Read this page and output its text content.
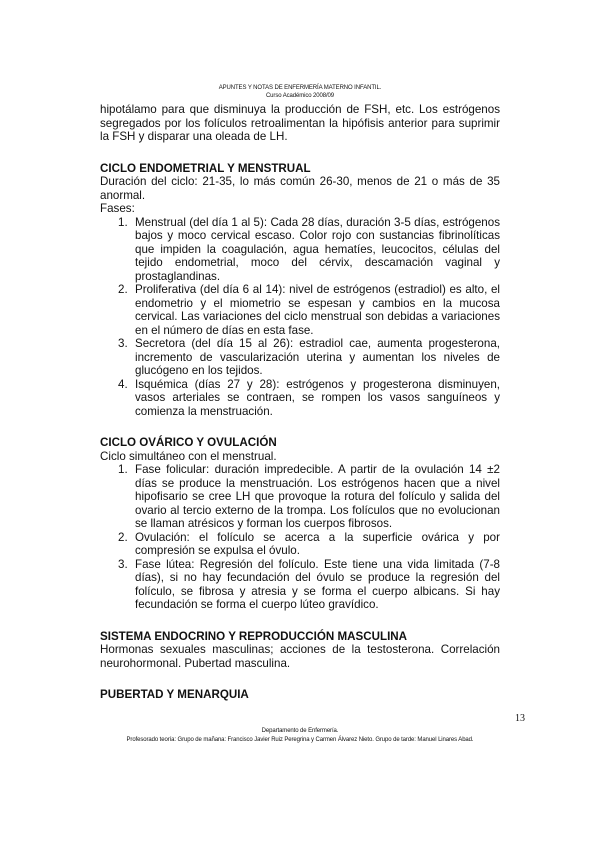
APUNTES Y NOTAS DE ENFERMERÍA MATERNO INFANTIL.
Curso Académico 2008/09

hipotálamo para que disminuya la producción de FSH, etc. Los estrógenos segregados por los folículos retroalimentan la hipófisis anterior para suprimir la FSH y disparar una oleada de LH.

CICLO ENDOMETRIAL Y MENSTRUAL

Duración del ciclo: 21-35, lo más común 26-30, menos de 21 o más de 35 anormal.

Fases:

1. Menstrual (del día 1 al 5): Cada 28 días, duración 3-5 días, estrógenos bajos y moco cervical escaso. Color rojo con sustancias fibrinolíticas que impiden la coagulación, agua hematíes, leucocitos, células del tejido endometrial, moco del cérvix, descamación vaginal y prostaglandinas.
2. Proliferativa (del día 6 al 14): nivel de estrógenos (estradiol) es alto, el endometrio y el miometrio se espesan y cambios en la mucosa cervical. Las variaciones del ciclo menstrual son debidas a variaciones en el número de días en esta fase.
3. Secretora (del día 15 al 26): estradiol cae, aumenta progesterona, incremento de vascularización uterina y aumentan los niveles de glucógeno en los tejidos.
4. Isquémica (días 27 y 28): estrógenos y progesterona disminuyen, vasos arteriales se contraen, se rompen los vasos sanguíneos y comienza la menstruación.
CICLO OVÁRICO Y OVULACIÓN

Ciclo simultáneo con el menstrual.

1. Fase folicular: duración impredecible. A partir de la ovulación 14 ±2 días se produce la menstruación. Los estrógenos hacen que a nivel hipofisario se cree LH que provoque la rotura del folículo y salida del ovario al tercio externo de la trompa. Los folículos que no evolucionan se llaman atrésicos y forman los cuerpos fibrosos.
2. Ovulación: el folículo se acerca a la superficie ovárica y por compresión se expulsa el óvulo.
3. Fase lútea: Regresión del folículo. Este tiene una vida limitada (7-8 días), si no hay fecundación del óvulo se produce la regresión del folículo, se fibrosa y atresia y se forma el cuerpo albicans. Si hay fecundación se forma el cuerpo lúteo gravídico.
SISTEMA ENDOCRINO Y REPRODUCCIÓN MASCULINA

Hormonas sexuales masculinas; acciones de la testosterona. Correlación neurohormonal. Pubertad masculina.

PUBERTAD Y MENARQUIA
13
Departamento de Enfermería.
Profesorado teoría: Grupo de mañana: Francisco Javier Ruiz Peregrina y Carmen Álvarez Nieto. Grupo de tarde: Manuel Linares Abad.
